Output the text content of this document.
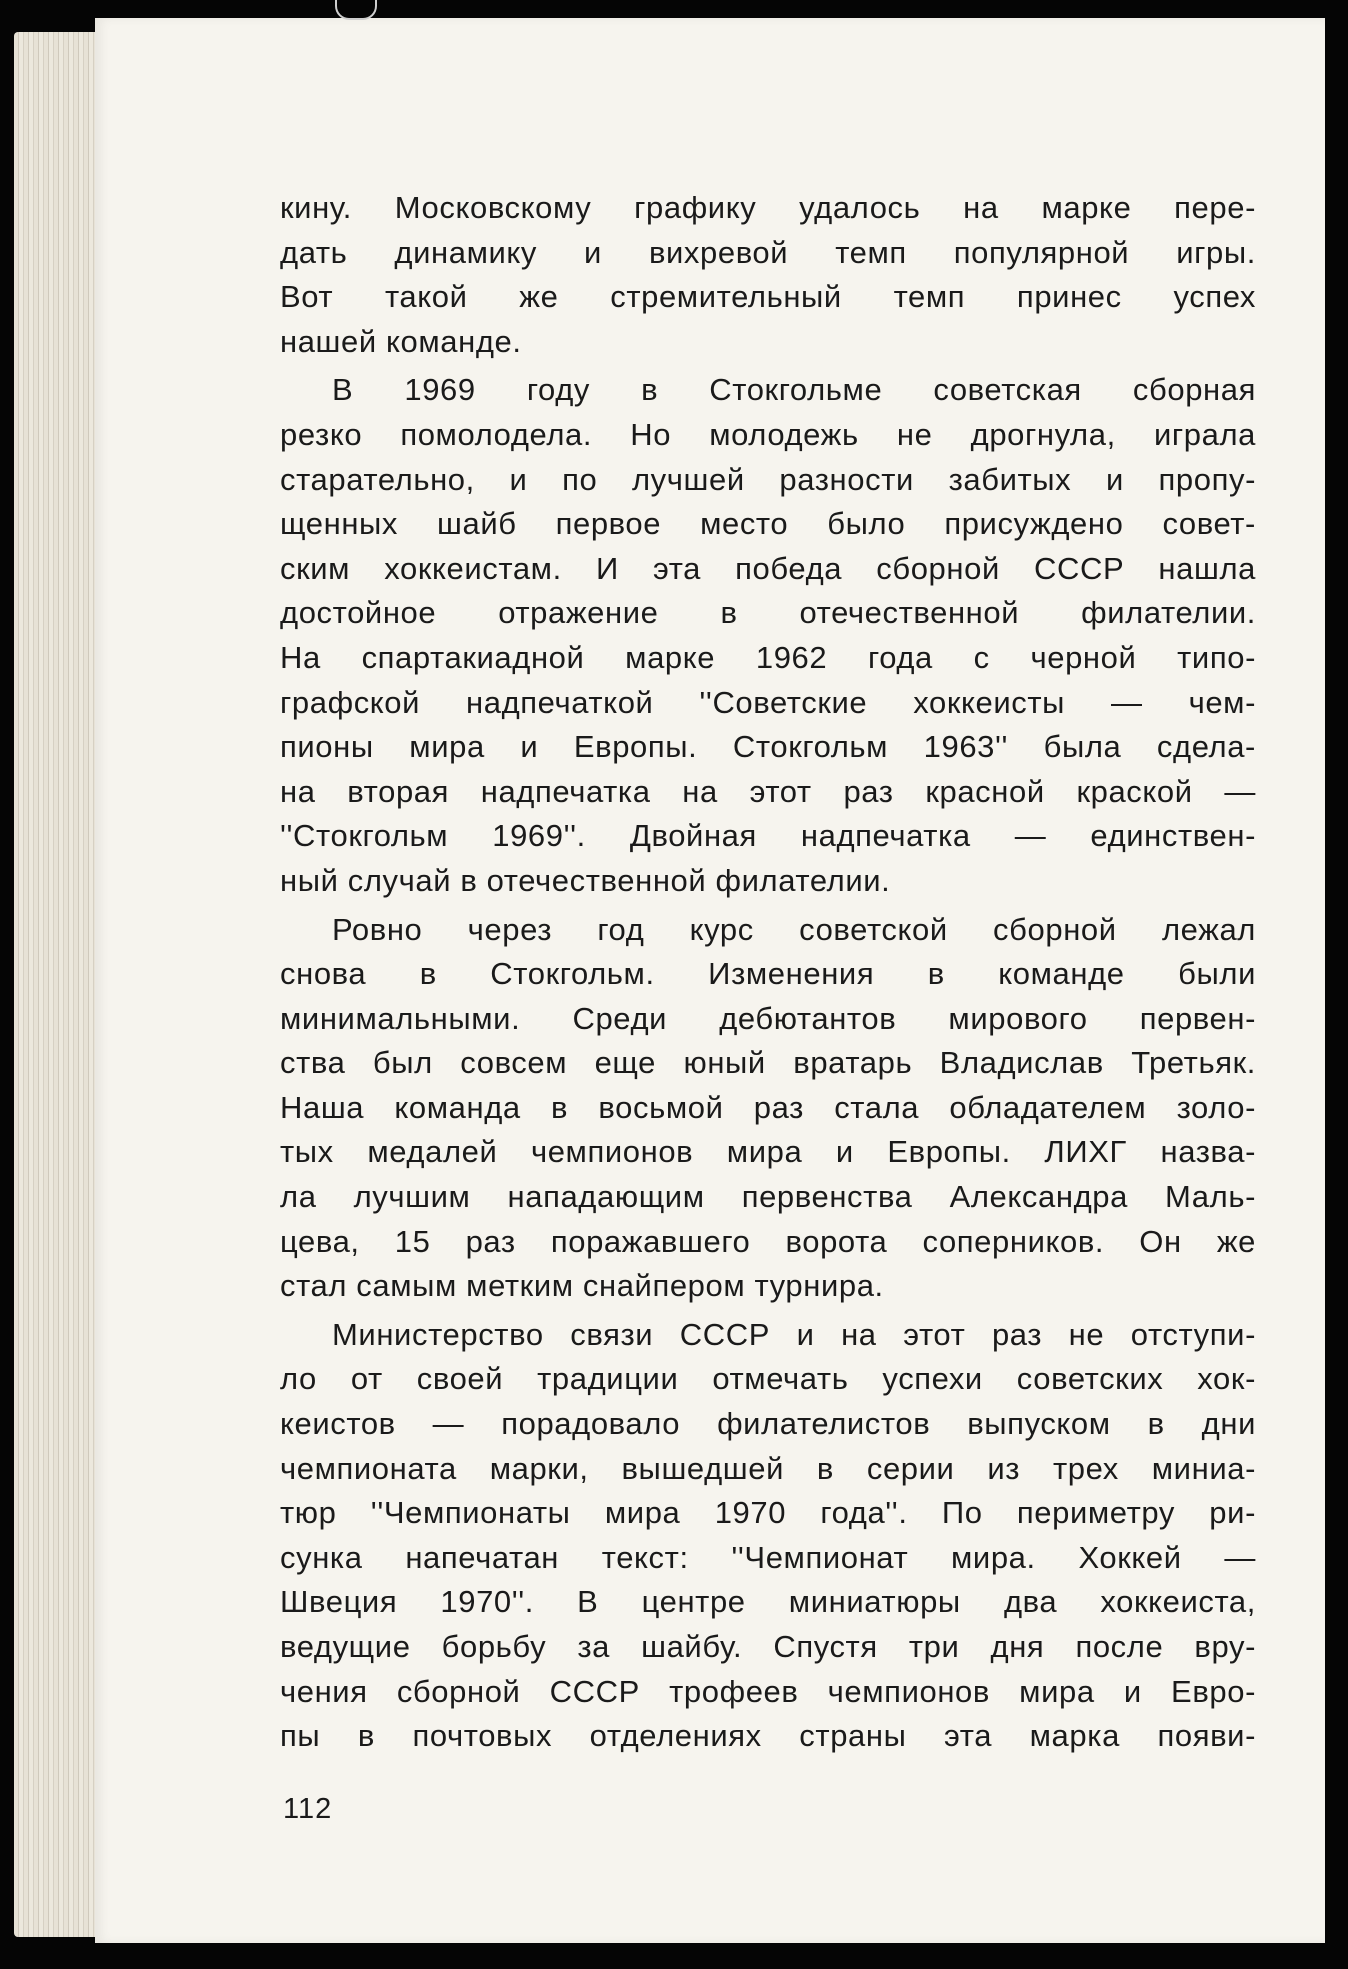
кину. Московскому графику удалось на марке пере-
дать динамику и вихревой темп популярной игры.
Вот такой же стремительный темп принес успех
нашей команде.
В 1969 году в Стокгольме советская сборная
резко помолодела. Но молодежь не дрогнула, играла
старательно, и по лучшей разности забитых и пропу-
щенных шайб первое место было присуждено совет-
ским хоккеистам. И эта победа сборной СССР нашла
достойное отражение в отечественной филателии.
На спартакиадной марке 1962 года с черной типо-
графской надпечаткой ''Советские хоккеисты — чем-
пионы мира и Европы. Стокгольм 1963'' была сдела-
на вторая надпечатка на этот раз красной краской —
''Стокгольм 1969''. Двойная надпечатка — единствен-
ный случай в отечественной филателии.
Ровно через год курс советской сборной лежал
снова в Стокгольм. Изменения в команде были
минимальными. Среди дебютантов мирового первен-
ства был совсем еще юный вратарь Владислав Третьяк.
Наша команда в восьмой раз стала обладателем золо-
тых медалей чемпионов мира и Европы. ЛИХГ назва-
ла лучшим нападающим первенства Александра Маль-
цева, 15 раз поражавшего ворота соперников. Он же
стал самым метким снайпером турнира.
Министерство связи СССР и на этот раз не отступи-
ло от своей традиции отмечать успехи советских хок-
кеистов — порадовало филателистов выпуском в дни
чемпионата марки, вышедшей в серии из трех миниа-
тюр ''Чемпионаты мира 1970 года''. По периметру ри-
сунка напечатан текст: ''Чемпионат мира. Хоккей —
Швеция 1970''. В центре миниатюры два хоккеиста,
ведущие борьбу за шайбу. Спустя три дня после вру-
чения сборной СССР трофеев чемпионов мира и Евро-
пы в почтовых отделениях страны эта марка появи-
112
